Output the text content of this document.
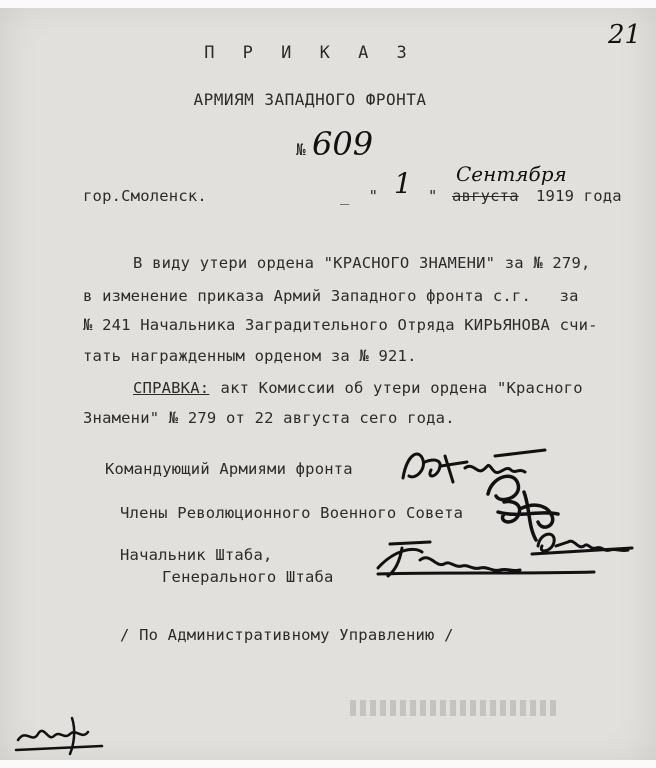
21
П Р И К А З
АРМИЯМ ЗАПАДНОГО ФРОНТА
№ 609
гор.Смоленск.	_  " 1 " августа
Сентября
1919 года
В виду утери ордена "КРАСНОГО ЗНАМЕНИ" за № 279,
в изменение приказа Армий Западного фронта с.г.   за
№ 241 Начальника Заградительного Отряда КИРЬЯНОВА счи-
тать награжденным орденом за № 921.
СПРАВКА: акт Комиссии об утери ордена "Красного
Знамени" № 279 от 22 августа сего года.
Командующий Армиями фронта
Члены Революционного Военного Совета
Начальник Штаба,
Генерального Штаба
/ По Административному Управлению /
